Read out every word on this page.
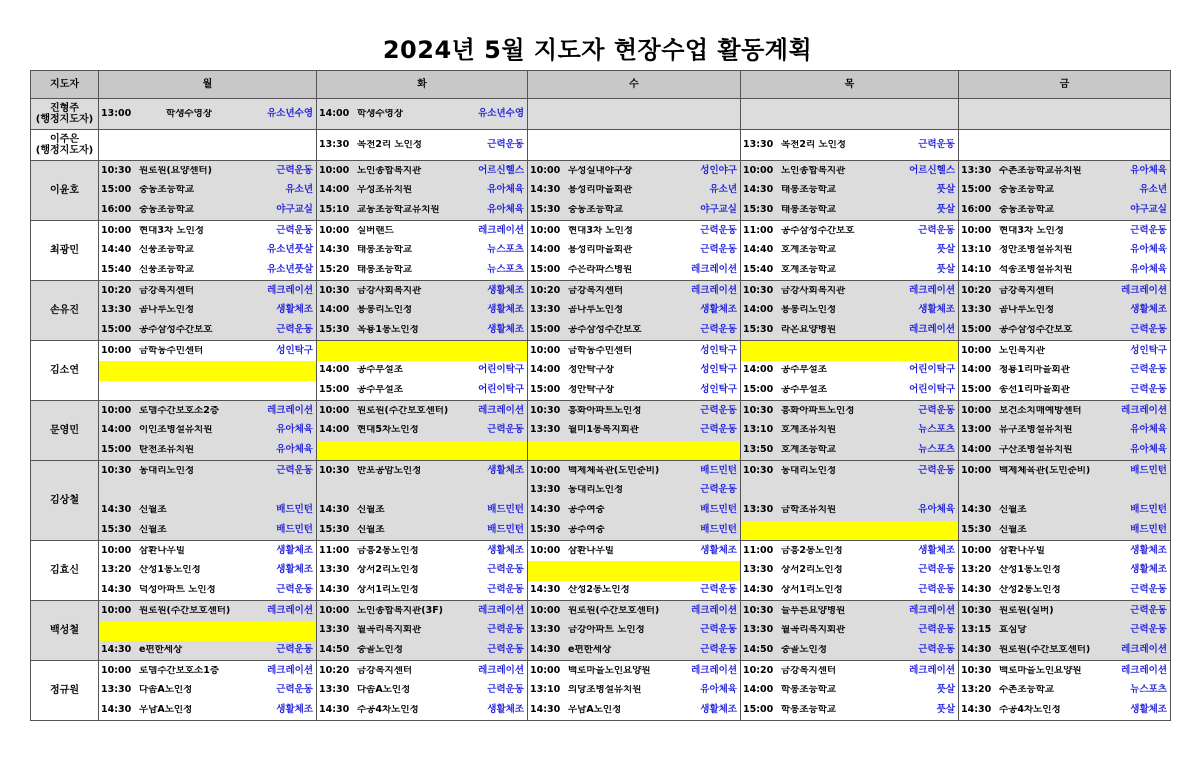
2024년 5월 지도자 현장수업 활동계획
지도자	월	화	수	목	금
진형주
(행정지도자)	13:00 학생수영장 유소년수영	14:00 학생수영장 유소년수영			

이주은
(행정지도자)		13:30 목천2리 노인정 근력운동		13:30 목천2리 노인정 근력운동	

이윤호	10:30 원로원(요양센터) 근력운동	10:00 노인종합복지관 어르신헬스	10:00 우성실내야구장 성인야구	10:00 노인종합복지관 어르신헬스	13:30 수촌초등학교유치원 유아체육

	15:00 중동초등학교 유소년	14:00 우성초유치원 유아체육	14:30 용성리마을회관 유소년	14:30 태봉초등학교 풋살	15:00 중동초등학교 유소년

	16:00 중동초등학교 야구교실	15:10 교동초등학교유치원 유아체육	15:30 중동초등학교 야구교실	15:30 태봉초등학교 풋살	16:00 중동초등학교 야구교실

최광민	10:00 현대3차 노인정 근력운동	10:00 실버랜드 레크레이션	10:00 현대3차 노인정 근력운동	11:00 공주삼성주간보호 근력운동	10:00 현대3차 노인정 근력운동

	14:40 신풍초등학교 유소년풋살	14:30 태봉초등학교 뉴스포츠	14:00 용성리마을회관 근력운동	14:40 호계초등학교 풋살	13:10 정안초병설유치원 유아체육

	15:40 신풍초등학교 유소년풋살	15:20 태봉초등학교 뉴스포츠	15:00 주은라파스병원 레크레이션	15:40 호계초등학교 풋살	14:10 석송초병설유치원 유아체육

손유진	10:20 금강복지센터 레크레이션	10:30 금강사회복지관 생활체조	10:20 금강복지센터 레크레이션	10:30 금강사회복지관 레크레이션	10:20 금강복지센터 레크레이션

	13:30 곰나루노인정 생활체조	14:00 용봉리노인정 생활체조	13:30 곰나루노인정 생활체조	14:00 용봉리노인정 생활체조	13:30 곰나루노인정 생활체조

	15:00 공주삼성주간보호 근력운동	15:30 옥룡1통노인정 생활체조	15:00 공주삼성주간보호 근력운동	15:30 라온요양병원 레크레이션	15:00 공주삼성주간보호 근력운동

김소연	10:00 금학동주민센터 성인탁구		10:00 금학동주민센터 성인탁구		10:00 노인복지관 성인탁구

		14:00 공주부설초 어린이탁구	14:00 정안탁구장 성인탁구	14:00 공주부설초 어린이탁구	14:00 청룡1리마을회관 근력운동

		15:00 공주부설초 어린이탁구	15:00 정안탁구장 성인탁구	15:00 공주부설초 어린이탁구	15:00 송선1리마을회관 근력운동

문영민	10:00 로뎀주간보호소2층 레크레이션	10:00 원로원(주간보호센터) 레크레이션	10:30 흥화아파트노인정 근력운동	10:30 흥화아파트노인정 근력운동	10:00 보건소치매예방센터 레크레이션

	14:00 이인초병설유치원 유아체육	14:00 현대5차노인정 근력운동	13:30 월미1통복지회관 근력운동	13:10 호계초유치원 뉴스포츠	13:00 유구초병설유치원 유아체육

	15:00 탄천초유치원 유아체육			13:50 호계초등학교 뉴스포츠	14:00 구산초병설유치원 유아체육

김상철	10:30 동대리노인정 근력운동	10:30 반포공암노인정 생활체조	10:00 백제체육관(도민준비) 배드민턴	10:30 동대리노인정 근력운동	10:00 백제체육관(도민준비) 배드민턴

			13:30 동대리노인정 근력운동		

	14:30 신월초 배드민턴	14:30 신월초 배드민턴	14:30 공주여중 배드민턴	13:30 금학초유치원 유아체육	14:30 신월초 배드민턴

	15:30 신월초 배드민턴	15:30 신월초 배드민턴	15:30 공주여중 배드민턴		15:30 신월초 배드민턴

김효신	10:00 삼환나우빌 생활체조	11:00 금흥2통노인정 생활체조	10:00 삼환나우빌 생활체조	11:00 금흥2통노인정 생활체조	10:00 삼환나우빌 생활체조

	13:20 산성1통노인정 생활체조	13:30 상서2리노인정 근력운동		13:30 상서2리노인정 근력운동	13:20 산성1통노인정 생활체조

	14:30 덕성아파트 노인정 근력운동	14:30 상서1리노인정 근력운동	14:30 산성2통노인정 근력운동	14:30 상서1리노인정 근력운동	14:30 산성2통노인정 근력운동

백성철	10:00 원로원(주간보호센터) 레크레이션	10:00 노인종합복지관(3F) 레크레이션	10:00 원로원(주간보호센터) 레크레이션	10:30 늘푸른요양병원 레크레이션	10:30 원로원(실버) 근력운동

		13:30 월곡리복지회관 근력운동	13:30 금강아파트 노인정 근력운동	13:30 월곡리복지회관 근력운동	13:15 효심당 근력운동

	14:30 e편한세상 근력운동	14:50 중골노인정 근력운동	14:30 e편한세상 근력운동	14:50 중골노인정 근력운동	14:30 원로원(주간보호센터) 레크레이션

정규원	10:00 로뎀주간보호소1층 레크레이션	10:20 금강복지센터 레크레이션	10:00 백로마을노인요양원 레크레이션	10:20 금강복지센터 레크레이션	10:30 백로마을노인요양원 레크레이션

	13:30 다솜A노인정 근력운동	13:30 다솜A노인정 근력운동	13:10 의당초병설유치원 유아체육	14:00 학봉초등학교 풋살	13:20 수촌초등학교 뉴스포츠

	14:30 우남A노인정 생활체조	14:30 주공4차노인정 생활체조	14:30 우남A노인정 생활체조	15:00 학봉초등학교 풋살	14:30 주공4차노인정 생활체조
